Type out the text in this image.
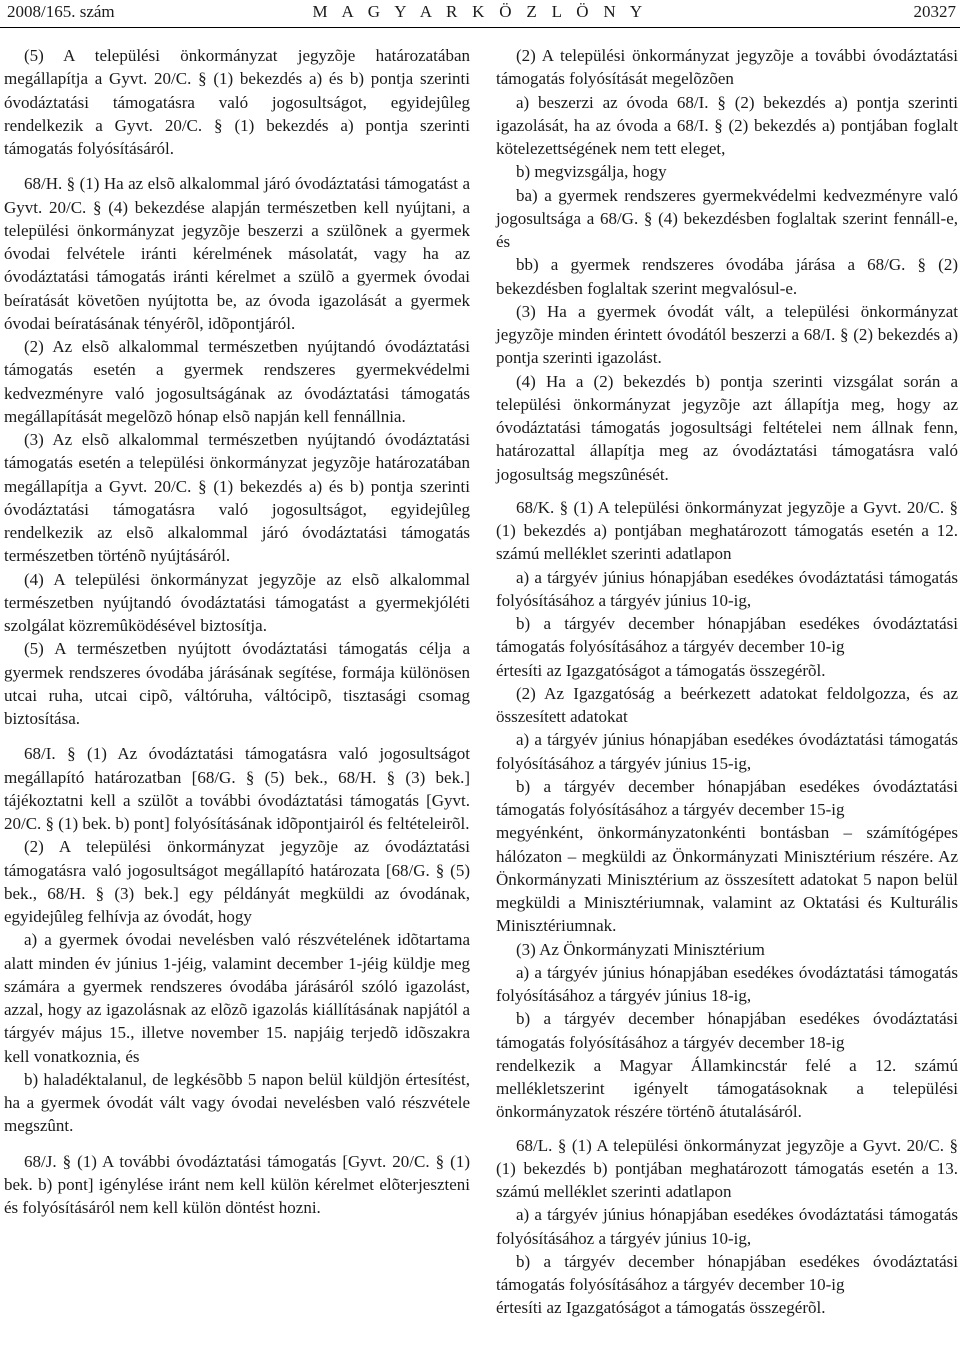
2008/165. szám	M A G Y A R K Ö Z L Ö N Y	20327

(5) A települési önkormányzat jegyzõje határozatában megállapítja a Gyvt. 20/C. § (1) bekezdés a) és b) pontja szerinti óvodáztatási támogatásra való jogosultságot, egyidejûleg rendelkezik a Gyvt. 20/C. § (1) bekezdés a) pontja szerinti támogatás folyósításáról.

68/H. § (1) Ha az elsõ alkalommal járó óvodáztatási támogatást a Gyvt. 20/C. § (4) bekezdése alapján természetben kell nyújtani, a települési önkormányzat jegyzõje beszerzi a szülõnek a gyermek óvodai felvétele iránti kérelmének másolatát, vagy ha az óvodáztatási támogatás iránti kérelmet a szülõ a gyermek óvodai beíratását követõen nyújtotta be, az óvoda igazolását a gyermek óvodai beíratásának tényérõl, idõpontjáról.

(2) Az elsõ alkalommal természetben nyújtandó óvodáztatási támogatás esetén a gyermek rendszeres gyermekvédelmi kedvezményre való jogosultságának az óvodáztatási támogatás megállapítását megelõzõ hónap elsõ napján kell fennállnia.

(3) Az elsõ alkalommal természetben nyújtandó óvodáztatási támogatás esetén a települési önkormányzat jegyzõje határozatában megállapítja a Gyvt. 20/C. § (1) bekezdés a) és b) pontja szerinti óvodáztatási támogatásra való jogosultságot, egyidejûleg rendelkezik az elsõ alkalommal járó óvodáztatási támogatás természetben történõ nyújtásáról.

(4) A települési önkormányzat jegyzõje az elsõ alkalommal természetben nyújtandó óvodáztatási támogatást a gyermekjóléti szolgálat közremûködésével biztosítja.

(5) A természetben nyújtott óvodáztatási támogatás célja a gyermek rendszeres óvodába járásának segítése, formája különösen utcai ruha, utcai cipõ, váltóruha, váltócipõ, tisztasági csomag biztosítása.

68/I. § (1) Az óvodáztatási támogatásra való jogosultságot megállapító határozatban [68/G. § (5) bek., 68/H. § (3) bek.] tájékoztatni kell a szülõt a további óvodáztatási támogatás [Gyvt. 20/C. § (1) bek. b) pont] folyósításának idõpontjairól és feltételeirõl.

(2) A települési önkormányzat jegyzõje az óvodáztatási támogatásra való jogosultságot megállapító határozata [68/G. § (5) bek., 68/H. § (3) bek.] egy példányát megküldi az óvodának, egyidejûleg felhívja az óvodát, hogy

a) a gyermek óvodai nevelésben való részvételének idõtartama alatt minden év június 1-jéig, valamint december 1-jéig küldje meg számára a gyermek rendszeres óvodába járásáról szóló igazolást, azzal, hogy az igazolásnak az elõzõ igazolás kiállításának napjától a tárgyév május 15., illetve november 15. napjáig terjedõ idõszakra kell vonatkoznia, és

b) haladéktalanul, de legkésõbb 5 napon belül küldjön értesítést, ha a gyermek óvodát vált vagy óvodai nevelésben való részvétele megszûnt.

68/J. § (1) A további óvodáztatási támogatás [Gyvt. 20/C. § (1) bek. b) pont] igénylése iránt nem kell külön kérelmet elõterjeszteni és folyósításáról nem kell külön döntést hozni.

(2) A települési önkormányzat jegyzõje a további óvodáztatási támogatás folyósítását megelõzõen

a) beszerzi az óvoda 68/I. § (2) bekezdés a) pontja szerinti igazolását, ha az óvoda a 68/I. § (2) bekezdés a) pontjában foglalt kötelezettségének nem tett eleget,

b) megvizsgálja, hogy

ba) a gyermek rendszeres gyermekvédelmi kedvezményre való jogosultsága a 68/G. § (4) bekezdésben foglaltak szerint fennáll-e, és

bb) a gyermek rendszeres óvodába járása a 68/G. § (2) bekezdésben foglaltak szerint megvalósul-e.

(3) Ha a gyermek óvodát vált, a települési önkormányzat jegyzõje minden érintett óvodától beszerzi a 68/I. § (2) bekezdés a) pontja szerinti igazolást.

(4) Ha a (2) bekezdés b) pontja szerinti vizsgálat során a települési önkormányzat jegyzõje azt állapítja meg, hogy az óvodáztatási támogatás jogosultsági feltételei nem állnak fenn, határozattal állapítja meg az óvodáztatási támogatásra való jogosultság megszûnését.

68/K. § (1) A települési önkormányzat jegyzõje a Gyvt. 20/C. § (1) bekezdés a) pontjában meghatározott támogatás esetén a 12. számú melléklet szerinti adatlapon

a) a tárgyév június hónapjában esedékes óvodáztatási támogatás folyósításához a tárgyév június 10-ig,

b) a tárgyév december hónapjában esedékes óvodáztatási támogatás folyósításához a tárgyév december 10-ig

értesíti az Igazgatóságot a támogatás összegérõl.

(2) Az Igazgatóság a beérkezett adatokat feldolgozza, és az összesített adatokat

a) a tárgyév június hónapjában esedékes óvodáztatási támogatás folyósításához a tárgyév június 15-ig,

b) a tárgyév december hónapjában esedékes óvodáztatási támogatás folyósításához a tárgyév december 15-ig

megyénként, önkormányzatonkénti bontásban – számítógépes hálózaton – megküldi az Önkormányzati Minisztérium részére. Az Önkormányzati Minisztérium az összesített adatokat 5 napon belül megküldi a Minisztériumnak, valamint az Oktatási és Kulturális Minisztériumnak.

(3) Az Önkormányzati Minisztérium

a) a tárgyév június hónapjában esedékes óvodáztatási támogatás folyósításához a tárgyév június 18-ig,

b) a tárgyév december hónapjában esedékes óvodáztatási támogatás folyósításához a tárgyév december 18-ig

rendelkezik a Magyar Államkincstár felé a 12. számú mellékletszerint igényelt támogatásoknak a települési önkormányzatok részére történõ átutalásáról.

68/L. § (1) A települési önkormányzat jegyzõje a Gyvt. 20/C. § (1) bekezdés b) pontjában meghatározott támogatás esetén a 13. számú melléklet szerinti adatlapon

a) a tárgyév június hónapjában esedékes óvodáztatási támogatás folyósításához a tárgyév június 10-ig,

b) a tárgyév december hónapjában esedékes óvodáztatási támogatás folyósításához a tárgyév december 10-ig

értesíti az Igazgatóságot a támogatás összegérõl.
